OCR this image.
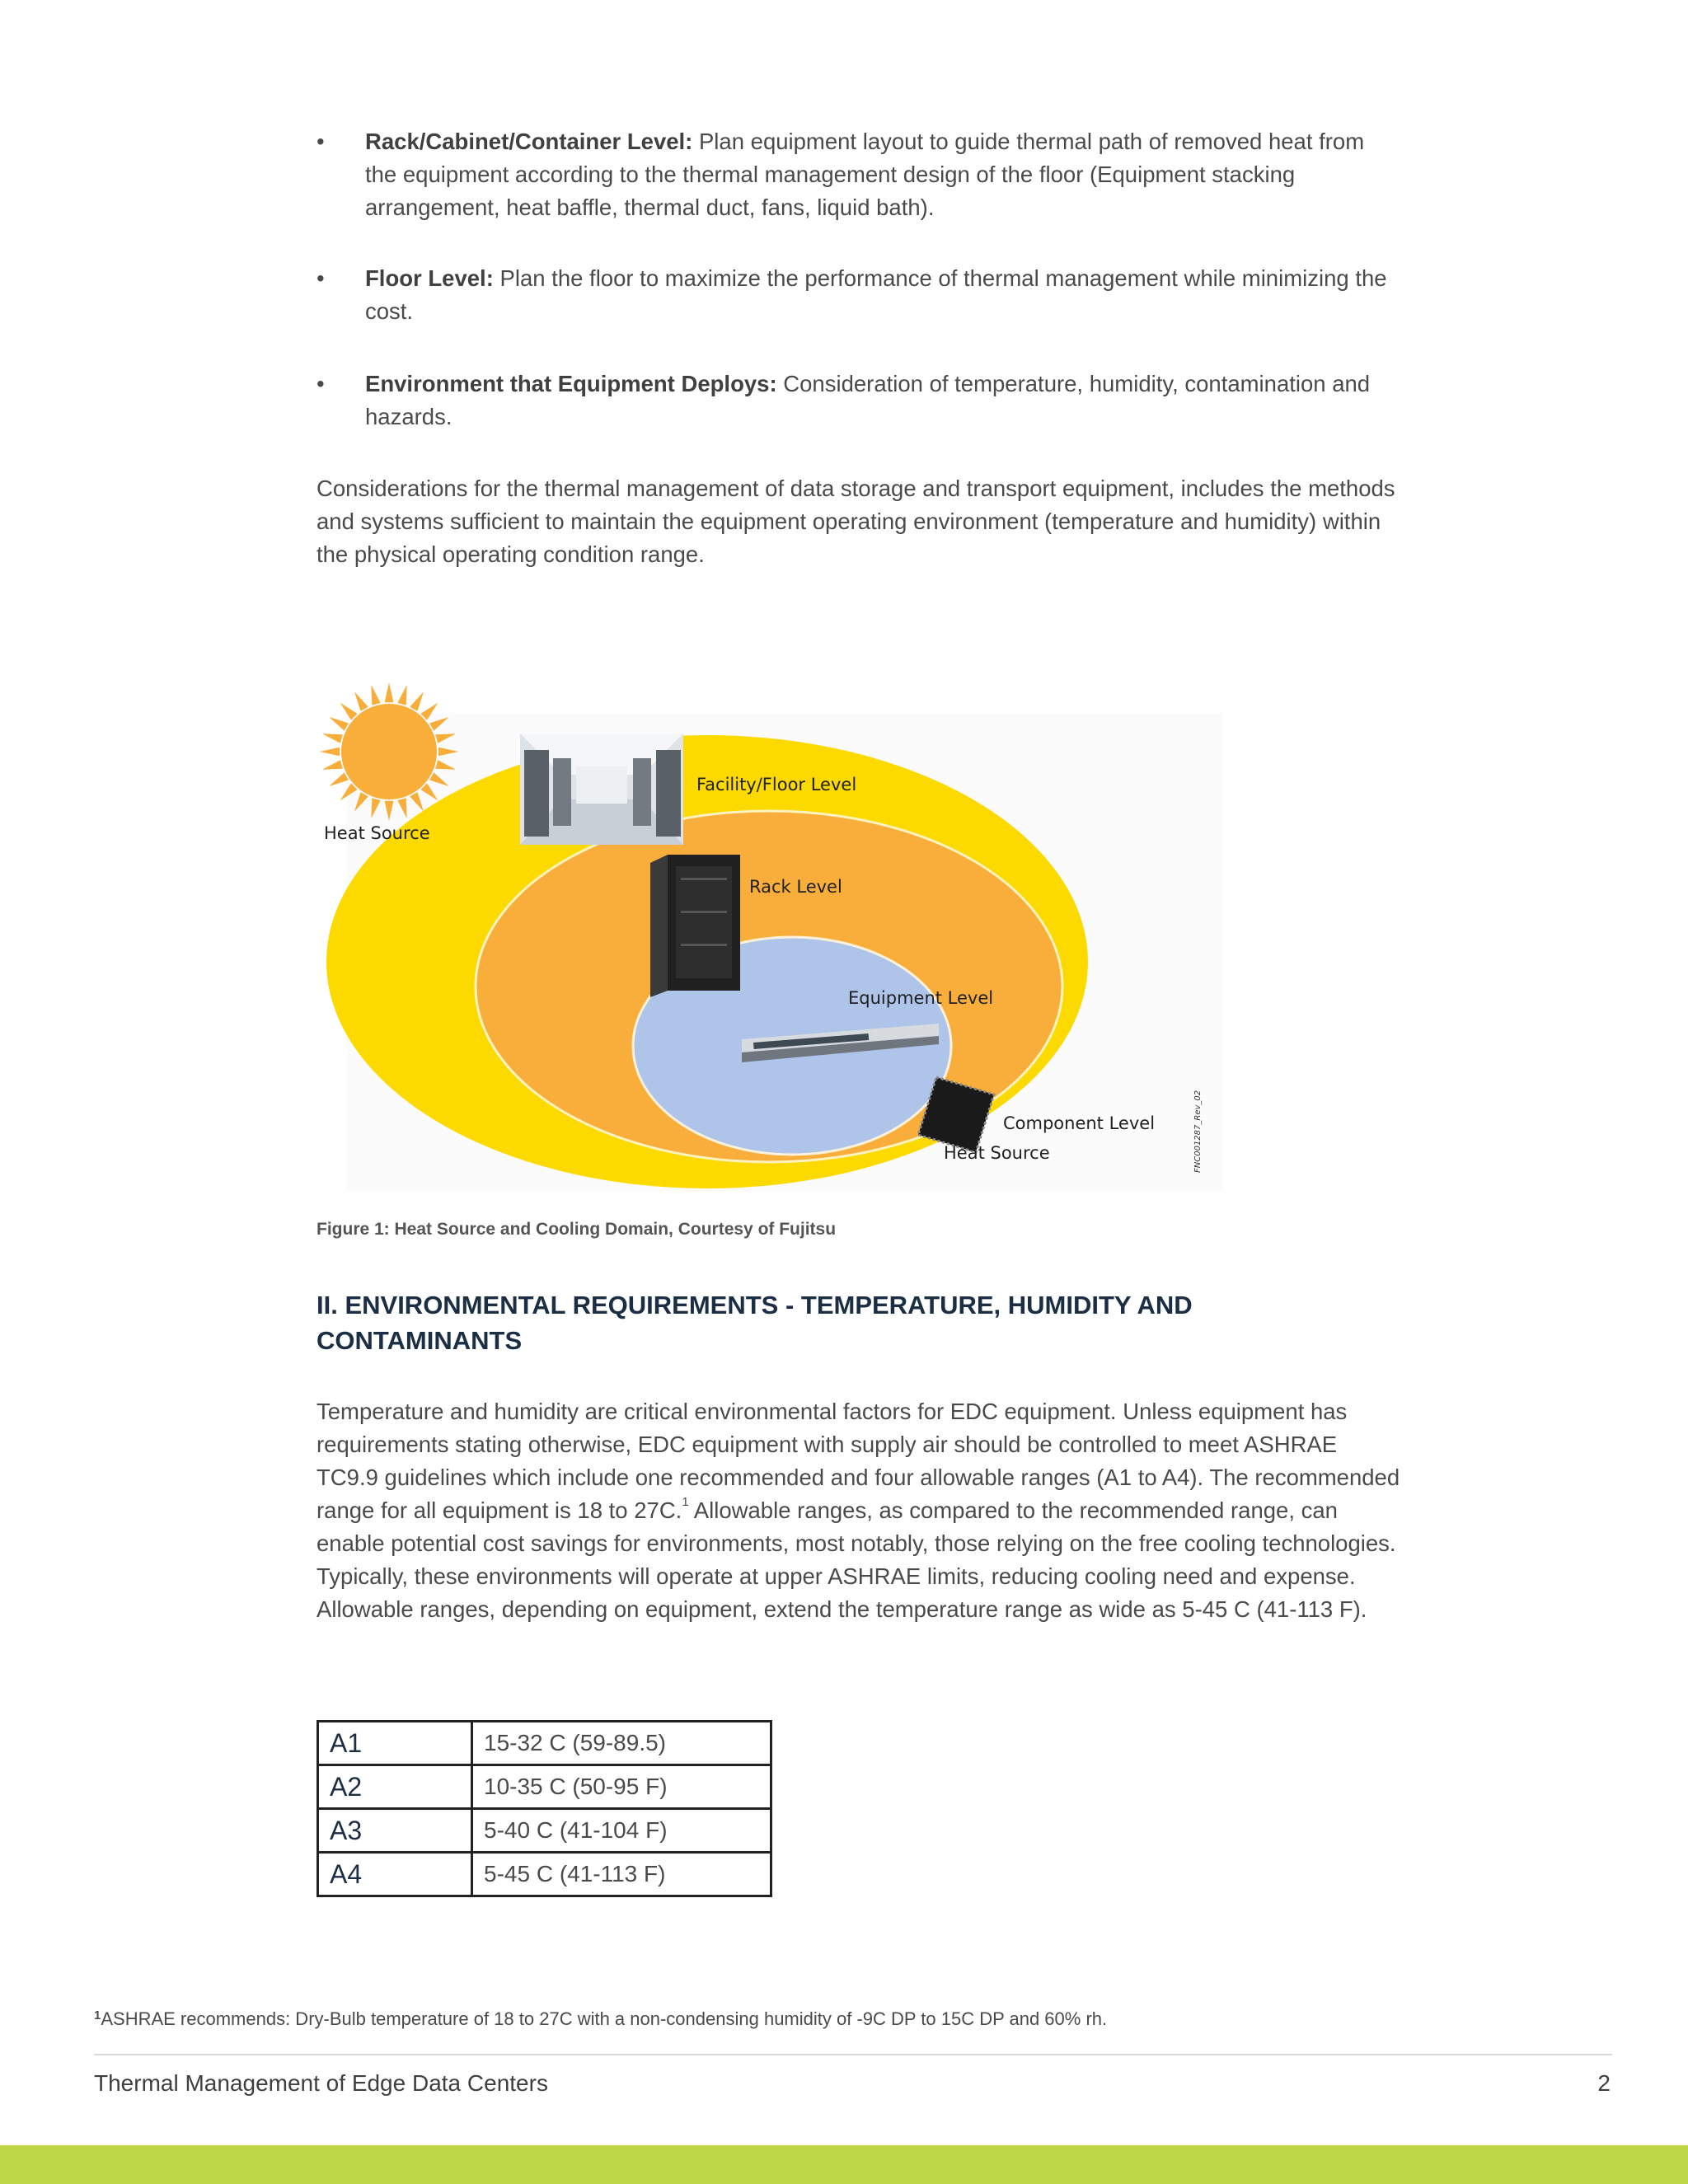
•	Rack/Cabinet/Container Level: Plan equipment layout to guide thermal path of removed heat from the equipment according to the thermal management design of the floor (Equipment stacking arrangement, heat baffle, thermal duct, fans, liquid bath).
•	Floor Level: Plan the floor to maximize the performance of thermal management while minimizing the cost.
•	Environment that Equipment Deploys: Consideration of temperature, humidity, contamination and hazards.
Considerations for the thermal management of data storage and transport equipment, includes the methods and systems sufficient to maintain the equipment operating environment (temperature and humidity) within the physical operating condition range.
Temperature and humidity are critical environmental factors for EDC equipment. Unless equipment has requirements stating otherwise, EDC equipment with supply air should be controlled to meet ASHRAE TC9.9 guidelines which include one recommended and four allowable ranges (A1 to A4). The recommended range for all equipment is 18 to 27C.$^1$ Allowable ranges, as compared to the recommended range, can enable potential cost savings for environments, most notably, those relying on the free cooling technologies. Typically, these environments will operate at upper ASHRAE limits, reducing cooling need and expense. Allowable ranges, depending on equipment, extend the temperature range as wide as 5-45 C (41-113 F).
FNC001287_Rev_02
Heat Source
Facility/Floor Level
Rack Level
Equipment Level
Component Level
Heat Source
Figure 1: Heat Source and Cooling Domain, Courtesy of Fujitsu
II. ENVIRONMENTAL REQUIREMENTS - TEMPERATURE, HUMIDITY AND CONTAMINANTS
A1	15-32 C (59-89.5)
A2	10-35 C (50-95 F)
A3	5-40 C (41-104 F)
A4	5-45 C (41-113 F)
$^1$ASHRAE recommends: Dry-Bulb temperature of 18 to 27C with a non-condensing humidity of -9C DP to 15C DP and 60% rh.
Thermal Management of Edge Data Centers	2
